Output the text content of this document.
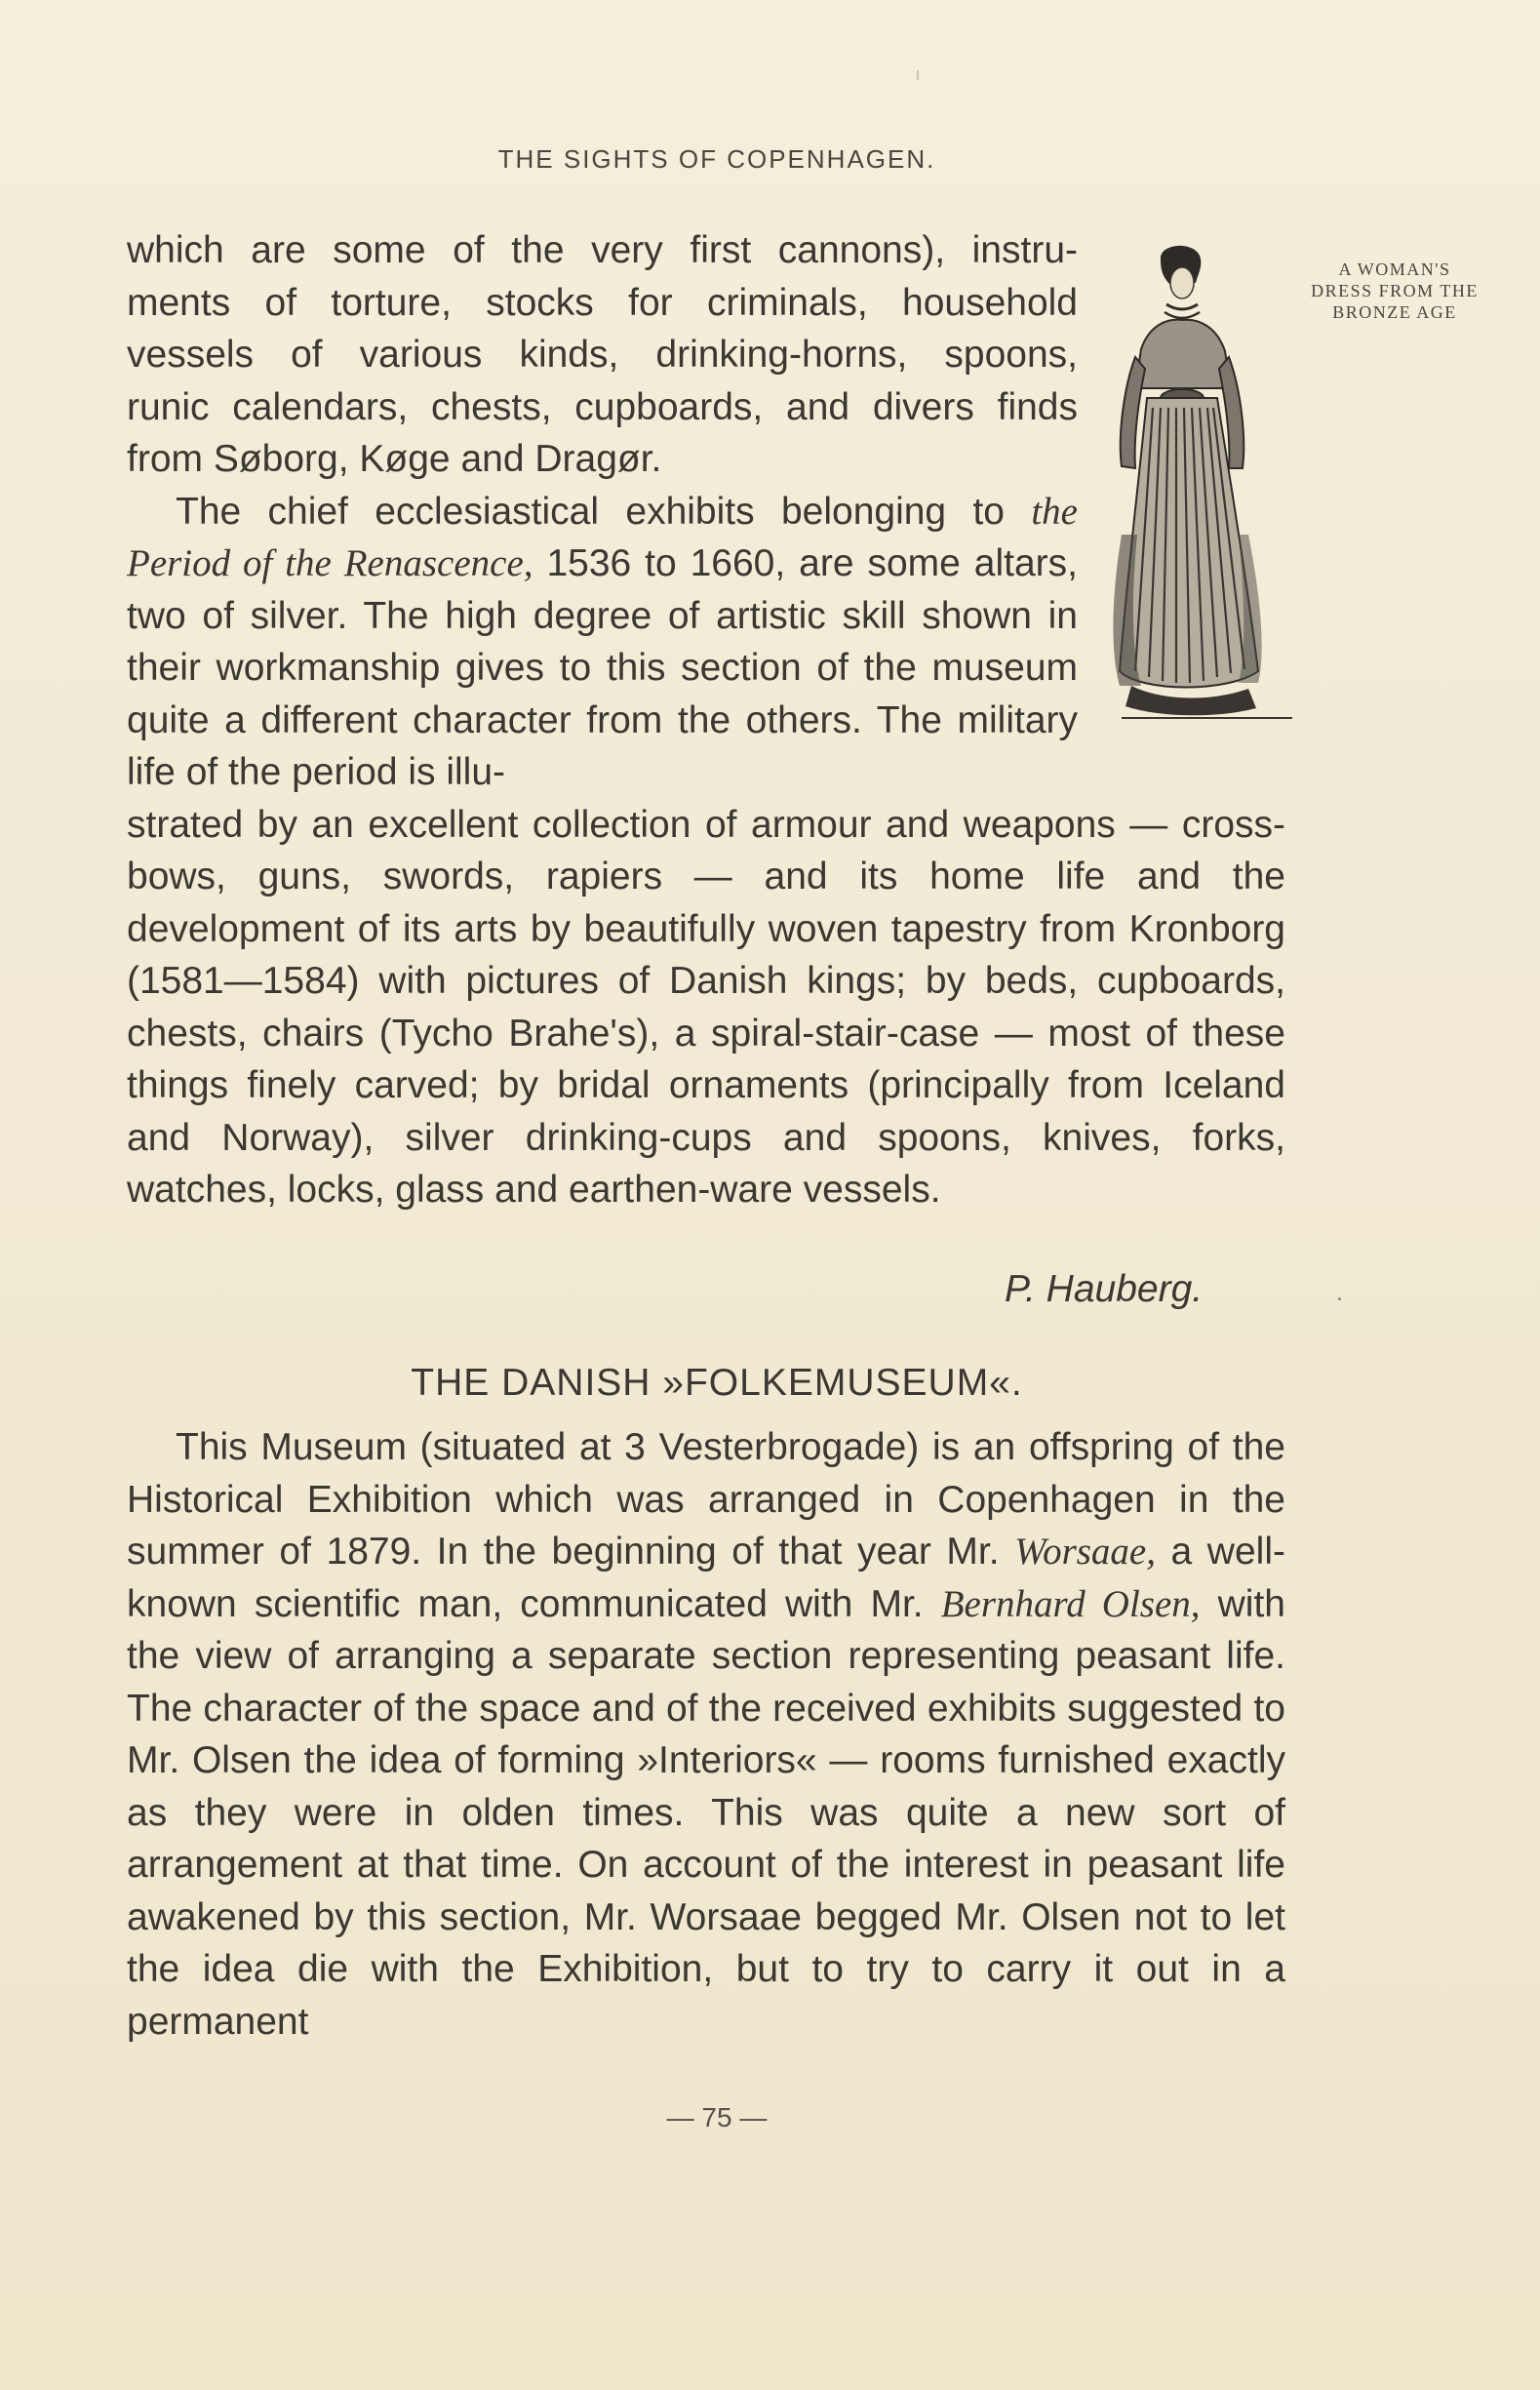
THE SIGHTS OF COPENHAGEN.
which are some of the very first cannons), instru-
ments of torture, stocks for criminals, household
vessels of various kinds, drinking-horns, spoons,
runic calendars, chests, cupboards, and divers finds
from Søborg, Køge and Dragør.

The chief ecclesiastical exhibits belonging to the Period of the Renascence, 1536 to 1660, are some altars, two of silver. The high degree of artistic skill shown in their workmanship gives to this section of the museum quite a different character from the others. The military life of the period is illu-

strated by an excellent collection of armour and weapons — cross-bows, guns, swords, rapiers — and its home life and the development of its arts by beautifully woven tapestry from Kronborg (1581—1584) with pictures of Danish kings; by beds, cupboards, chests, chairs (Tycho Brahe's), a spiral-stair-case — most of these things finely carved; by bridal ornaments (principally from Iceland and Norway), silver drinking-cups and spoons, knives, forks, watches, locks, glass and earthen-ware vessels.

A WOMAN'S DRESS FROM THE BRONZE AGE
P. Hauberg.
THE DANISH »FOLKEMUSEUM«.

This Museum (situated at 3 Vesterbrogade) is an offspring of the Historical Exhibition which was arranged in Copenhagen in the summer of 1879. In the beginning of that year Mr. Worsaae, a well-known scientific man, communicated with Mr. Bernhard Olsen, with the view of arranging a separate section representing peasant life. The character of the space and of the received exhibits suggested to Mr. Olsen the idea of forming »Interiors« — rooms furnished exactly as they were in olden times. This was quite a new sort of arrangement at that time. On account of the interest in peasant life awakened by this section, Mr. Worsaae begged Mr. Olsen not to let the idea die with the Exhibition, but to try to carry it out in a permanent

— 75 —
